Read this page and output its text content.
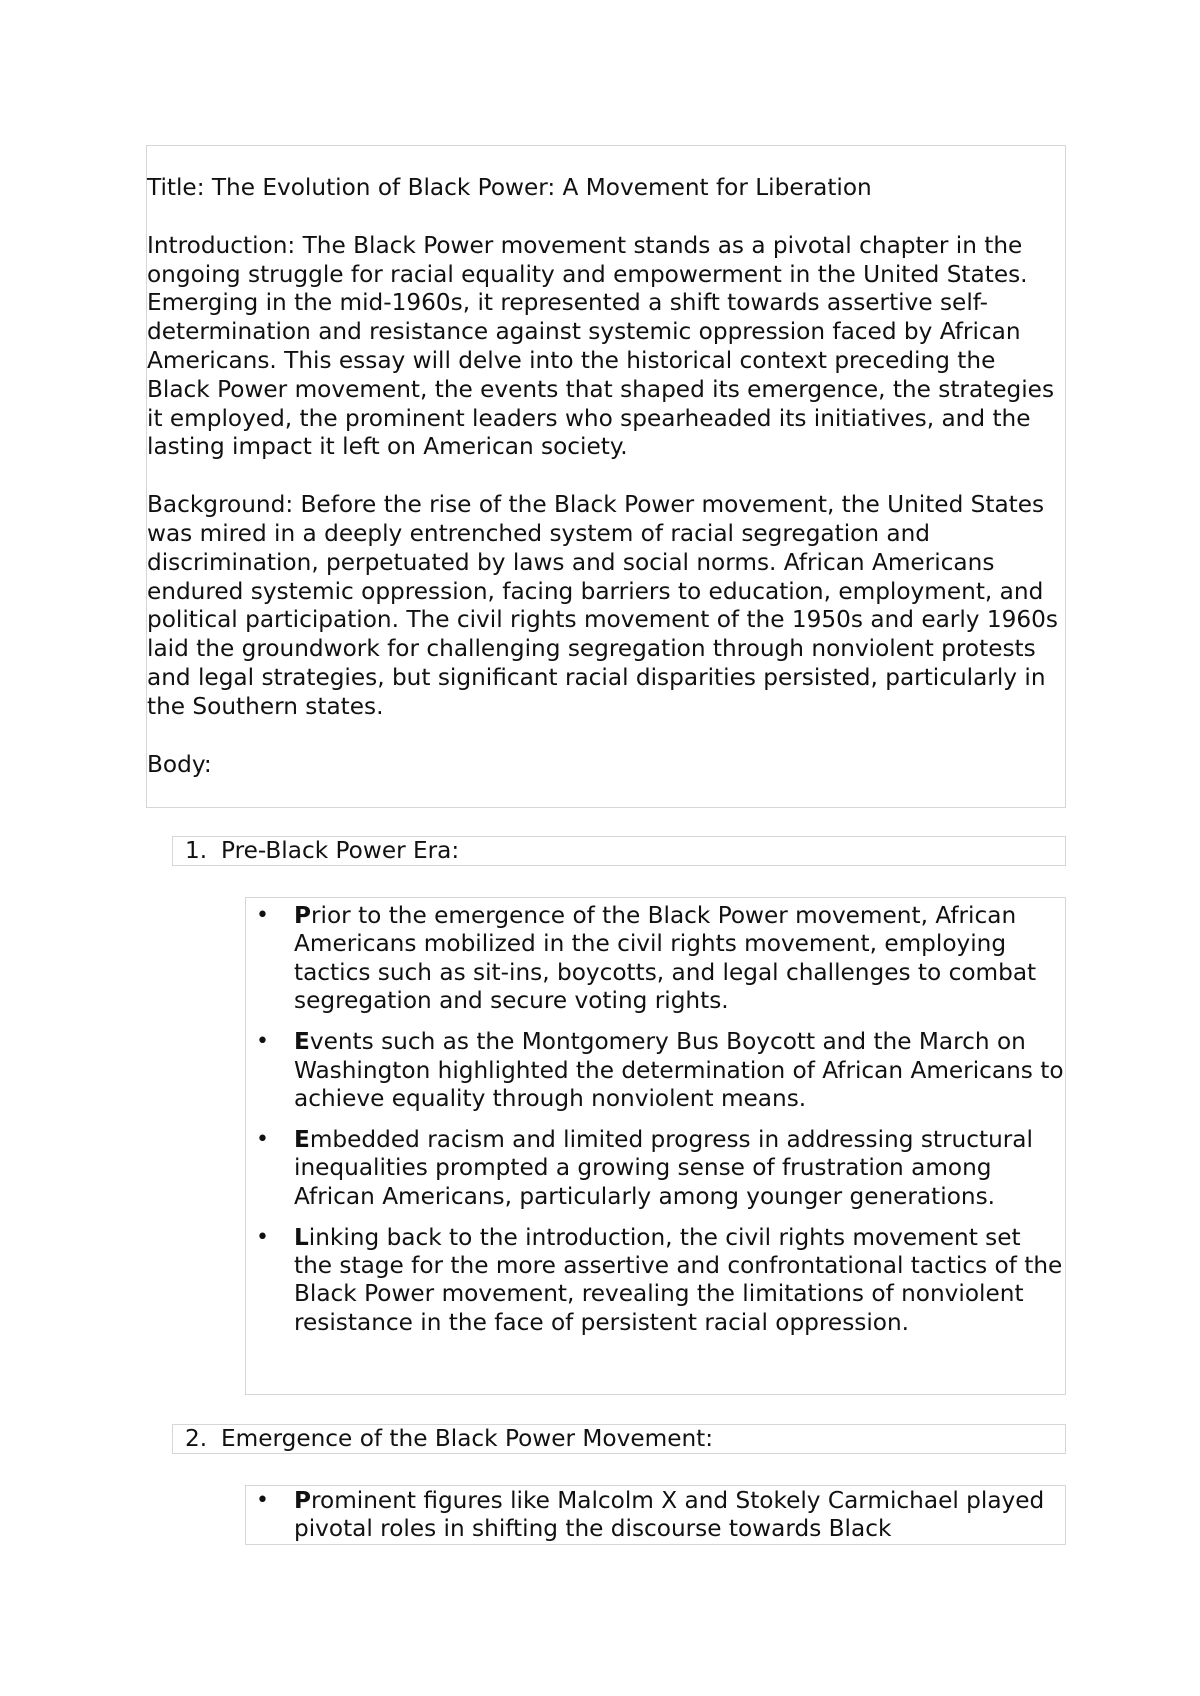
Title: The Evolution of Black Power: A Movement for Liberation

Introduction: The Black Power movement stands as a pivotal chapter in the ongoing struggle for racial equality and empowerment in the United States. Emerging in the mid-1960s, it represented a shift towards assertive self-determination and resistance against systemic oppression faced by African Americans. This essay will delve into the historical context preceding the Black Power movement, the events that shaped its emergence, the strategies it employed, the prominent leaders who spearheaded its initiatives, and the lasting impact it left on American society.

Background: Before the rise of the Black Power movement, the United States was mired in a deeply entrenched system of racial segregation and discrimination, perpetuated by laws and social norms. African Americans endured systemic oppression, facing barriers to education, employment, and political participation. The civil rights movement of the 1950s and early 1960s laid the groundwork for challenging segregation through nonviolent protests and legal strategies, but significant racial disparities persisted, particularly in the Southern states.

Body:

1. Pre-Black Power Era:
• Prior to the emergence of the Black Power movement, African Americans mobilized in the civil rights movement, employing tactics such as sit-ins, boycotts, and legal challenges to combat segregation and secure voting rights.
• Events such as the Montgomery Bus Boycott and the March on Washington highlighted the determination of African Americans to achieve equality through nonviolent means.
• Embedded racism and limited progress in addressing structural inequalities prompted a growing sense of frustration among African Americans, particularly among younger generations.
• Linking back to the introduction, the civil rights movement set the stage for the more assertive and confrontational tactics of the Black Power movement, revealing the limitations of nonviolent resistance in the face of persistent racial oppression.
2. Emergence of the Black Power Movement:
• Prominent figures like Malcolm X and Stokely Carmichael played pivotal roles in shifting the discourse towards Black
